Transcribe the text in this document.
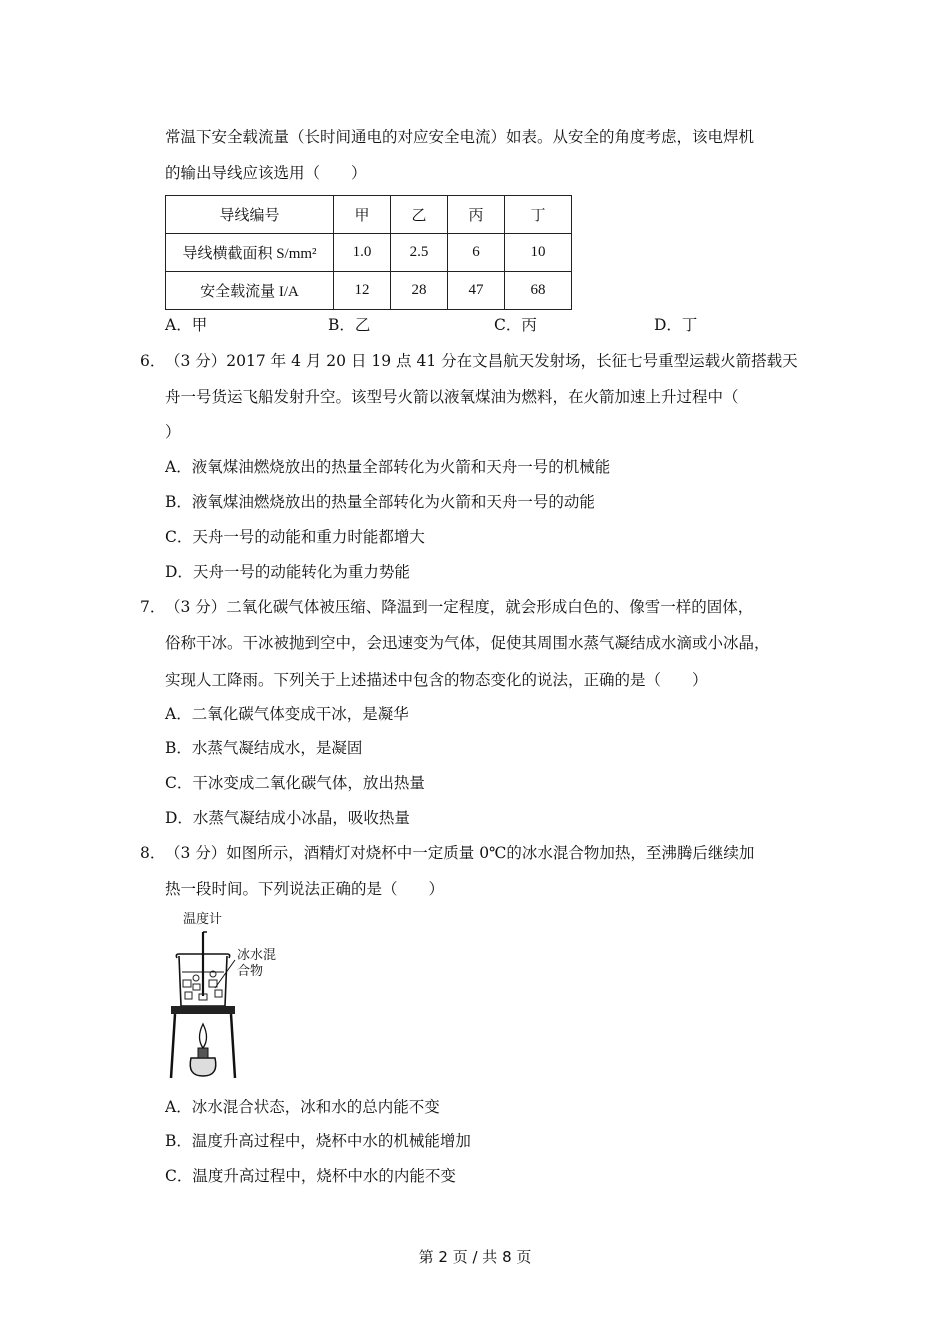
常温下安全载流量（长时间通电的对应安全电流）如表。从安全的角度考虑，该电焊机
的输出导线应该选用（　　）
导线编号	甲	乙	丙	丁
导线横截面积 S/mm²	1.0	2.5	6	10
安全载流量 I/A	12	28	47	68
A．甲	B．乙	C．丙	D．丁
6． （3 分）2017 年 4 月 20 日 19 点 41 分在文昌航天发射场，长征七号重型运载火箭搭载天
舟一号货运飞船发射升空。该型号火箭以液氧煤油为燃料，在火箭加速上升过程中（
）
A．液氧煤油燃烧放出的热量全部转化为火箭和天舟一号的机械能
B．液氧煤油燃烧放出的热量全部转化为火箭和天舟一号的动能
C．天舟一号的动能和重力时能都增大
D．天舟一号的动能转化为重力势能
7． （3 分）二氧化碳气体被压缩、降温到一定程度，就会形成白色的、像雪一样的固体，
俗称干冰。干冰被抛到空中，会迅速变为气体，促使其周围水蒸气凝结成水滴或小冰晶，
实现人工降雨。下列关于上述描述中包含的物态变化的说法，正确的是（　　）
A．二氧化碳气体变成干冰，是凝华
B．水蒸气凝结成水，是凝固
C．干冰变成二氧化碳气体，放出热量
D．水蒸气凝结成小冰晶，吸收热量
8． （3 分）如图所示，酒精灯对烧杯中一定质量 0℃的冰水混合物加热，至沸腾后继续加
热一段时间。下列说法正确的是（　　）
温度计
冰水混
合物
A．冰水混合状态，冰和水的总内能不变
B．温度升高过程中，烧杯中水的机械能增加
C．温度升高过程中，烧杯中水的内能不变
第 2 页 / 共 8 页
